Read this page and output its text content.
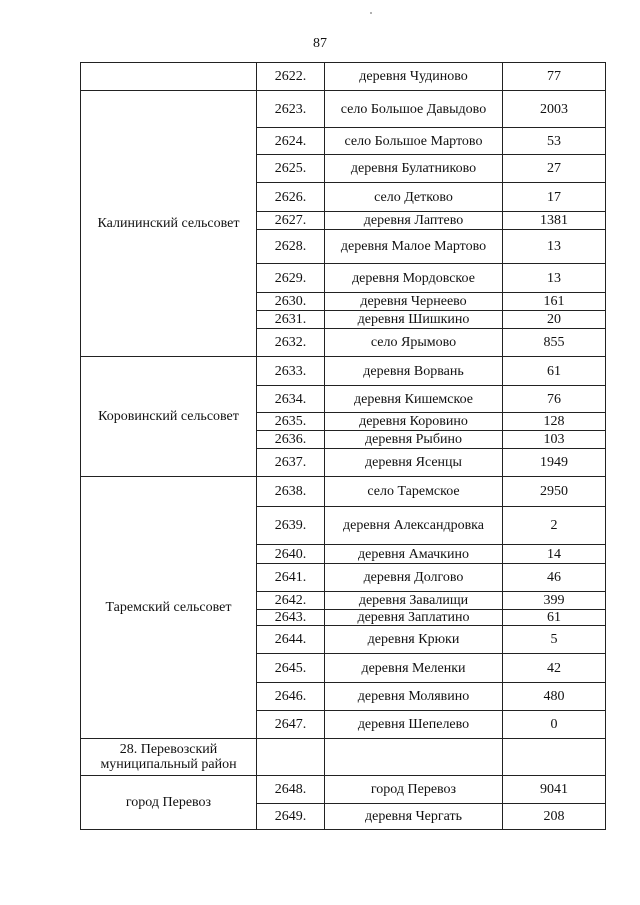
87
	2622.	деревня Чудиново	77
Калининский сельсовет	2623.	село Большое Давыдово	2003
	2624.	село Большое Мартово	53
	2625.	деревня Булатниково	27
	2626.	село Детково	17
	2627.	деревня Лаптево	1381
	2628.	деревня Малое Мартово	13
	2629.	деревня Мордовское	13
	2630.	деревня Чернеево	161
	2631.	деревня Шишкино	20
	2632.	село Ярымово	855
Коровинский сельсовет	2633.	деревня Ворвань	61
	2634.	деревня Кишемское	76
	2635.	деревня Коровино	128
	2636.	деревня Рыбино	103
	2637.	деревня Ясенцы	1949
Таремский сельсовет	2638.	село Таремское	2950
	2639.	деревня Александровка	2
	2640.	деревня Амачкино	14
	2641.	деревня Долгово	46
	2642.	деревня Завалищи	399
	2643.	деревня Заплатино	61
	2644.	деревня Крюки	5
	2645.	деревня Меленки	42
	2646.	деревня Молявино	480
	2647.	деревня Шепелево	0
28. Перевозский муниципальный район			
город Перевоз	2648.	город Перевоз	9041
	2649.	деревня Чергать	208
